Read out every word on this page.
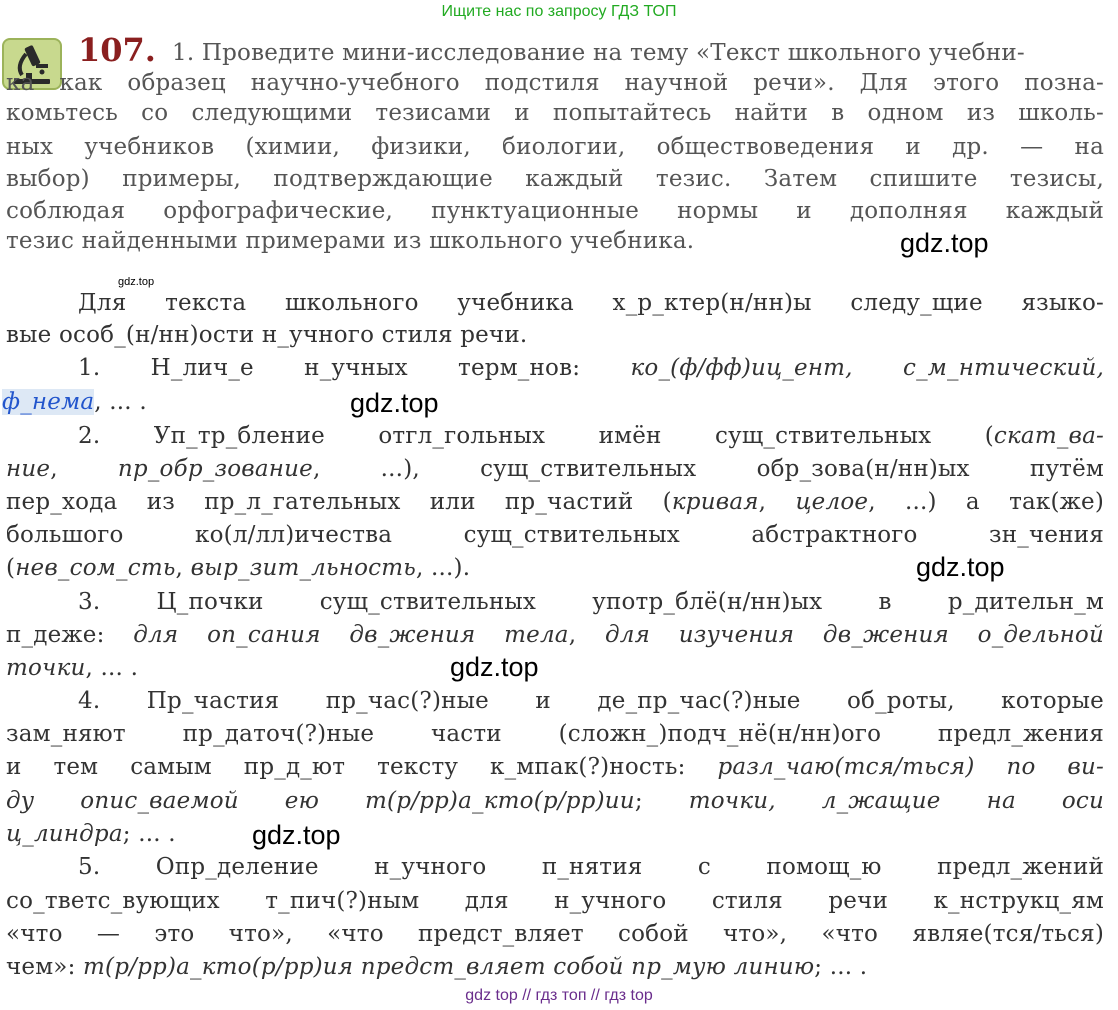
Ищите нас по запросу ГДЗ ТОП
107. 1. Проведите мини-исследование на тему «Текст школьного учебни-
ка как образец научно-учебного подстиля научной речи». Для этого позна-
комьтесь со следующими тезисами и попытайтесь найти в одном из школь-
ных учебников (химии, физики, биологии, обществоведения и др. — на
выбор) примеры, подтверждающие каждый тезис. Затем спишите тезисы,
соблюдая орфографические, пунктуационные нормы и дополняя каждый
тезис найденными примерами из школьного учебника.	gdz.top
gdz.top
Для текста школьного учебника х_р_ктер(н/нн)ы следу_щие языко-
вые особ_(н/нн)ости н_учного стиля речи.
1. Н_лич_е н_учных терм_нов: ко_(ф/фф)иц_ент, с_м_нтический,
ф_нема, ... .	gdz.top
2. Уп_тр_бление отгл_гольных имён сущ_ствительных (скат_ва-
ние, пр_обр_зование, ...), сущ_ствительных обр_зова(н/нн)ых путём
пер_хода из пр_л_гательных или пр_частий (кривая, целое, ...) а так(же)
большого ко(л/лл)ичества сущ_ствительных абстрактного зн_чения
(нев_сом_сть, выр_зит_льность, ...).	gdz.top
3. Ц_почки сущ_ствительных употр_блё(н/нн)ых в р_дительн_м
п_деже: для оп_сания дв_жения тела, для изучения дв_жения о_дельной
точки, ... .	gdz.top
4. Пр_частия пр_час(?)ные и де_пр_час(?)ные об_роты, которые
зам_няют пр_даточ(?)ные части (сложн_)подч_нё(н/нн)ого предл_жения
и тем самым пр_д_ют тексту к_мпак(?)ность: разл_чаю(тся/ться) по ви-
ду опис_ваемой ею т(р/рр)а_кто(р/рр)ии; точки, л_жащие на оси
ц_линдра; ... .	gdz.top
5. Опр_деление н_учного п_нятия с помощ_ю предл_жений
со_тветс_вующих т_пич(?)ным для н_учного стиля речи к_нструкц_ям
«что — это что», «что предст_вляет собой что», «что являе(тся/ться)
чем»: т(р/рр)а_кто(р/рр)ия предст_вляет собой пр_мую линию; ... .
gdz top // гдз топ // гдз top
